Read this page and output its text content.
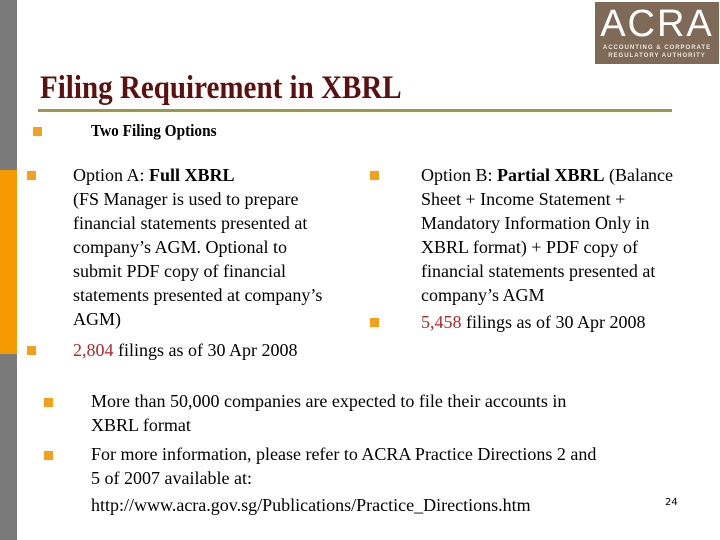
ACRA
ACCOUNTING & CORPORATE
REGULATORY AUTHORITY
Filing Requirement in XBRL
Two Filing Options
Option A: Full XBRL
(FS Manager is used to prepare
financial statements presented at
company’s AGM. Optional to
submit PDF copy of financial
statements presented at company’s
AGM)
2,804 filings as of 30 Apr 2008
Option B: Partial XBRL (Balance
Sheet + Income Statement +
Mandatory Information Only in
XBRL format) + PDF copy of
financial statements presented at
company’s AGM
5,458 filings as of 30 Apr 2008
More than 50,000 companies are expected to file their accounts in
XBRL format
For more information, please refer to ACRA Practice Directions 2 and
5 of 2007 available at:
http://www.acra.gov.sg/Publications/Practice_Directions.htm	24
